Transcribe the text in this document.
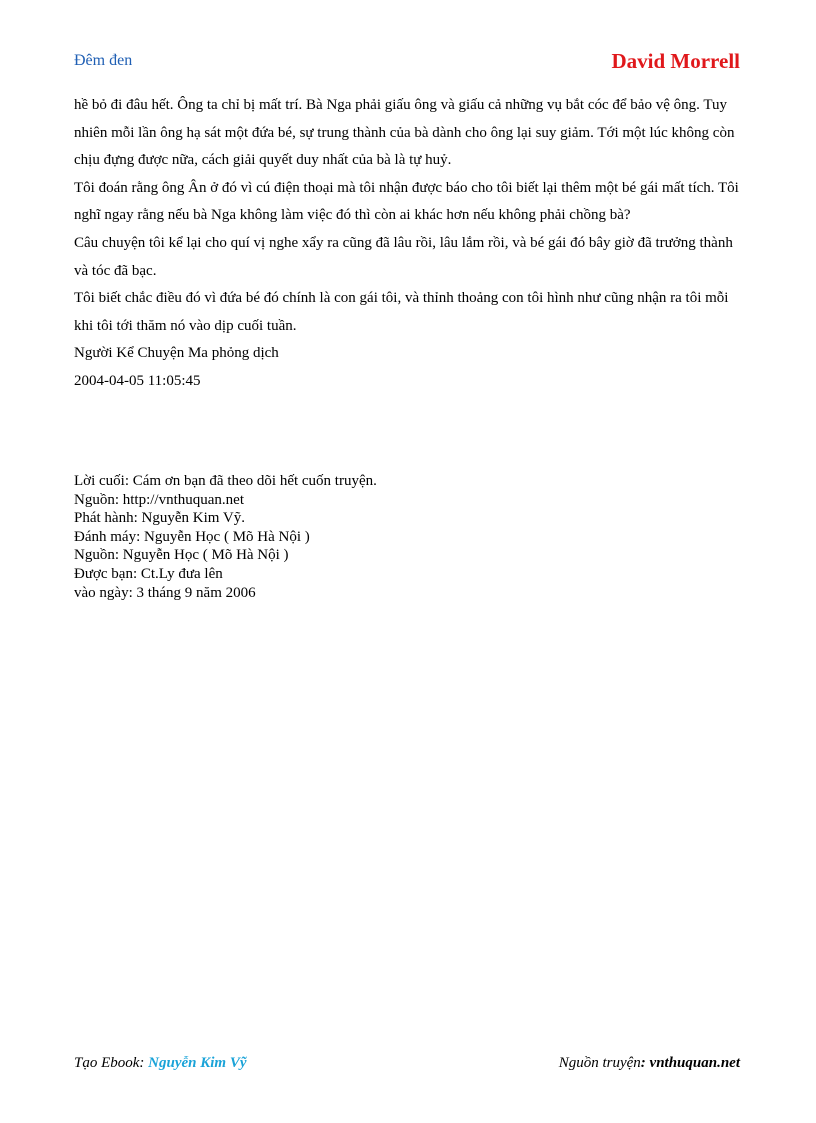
Đêm đen	David Morrell

hề bỏ đi đâu hết. Ông ta chỉ bị mất trí. Bà Nga phải giấu ông và giấu cả những vụ bắt cóc để bảo vệ ông. Tuy nhiên mỗi lần ông hạ sát một đứa bé, sự trung thành của bà dành cho ông lại suy giảm. Tới một lúc không còn chịu đựng được nữa, cách giải quyết duy nhất của bà là tự huỷ.

Tôi đoán rằng ông Ân ở đó vì cú điện thoại mà tôi nhận được báo cho tôi biết lại thêm một bé gái mất tích. Tôi nghĩ ngay rằng nếu bà Nga không làm việc đó thì còn ai khác hơn nếu không phải chồng bà?

Câu chuyện tôi kể lại cho quí vị nghe xẩy ra cũng đã lâu rồi, lâu lắm rồi, và bé gái đó bây giờ đã trưởng thành và tóc đã bạc.

Tôi biết chắc điều đó vì đứa bé đó chính là con gái tôi, và thỉnh thoảng con tôi hình như cũng nhận ra tôi mỗi khi tôi tới thăm nó vào dịp cuối tuần.

Người Kể Chuyện Ma phỏng dịch

2004-04-05 11:05:45

Lời cuối: Cám ơn bạn đã theo dõi hết cuốn truyện.
Nguồn: http://vnthuquan.net
Phát hành: Nguyễn Kim Vỹ.
Đánh máy: Nguyễn Học ( Mõ Hà Nội )
Nguồn: Nguyễn Học ( Mõ Hà Nội )
Được bạn: Ct.Ly đưa lên
vào ngày: 3 tháng 9 năm 2006
Tạo Ebook: Nguyễn Kim Vỹ	Nguồn truyện: vnthuquan.net
